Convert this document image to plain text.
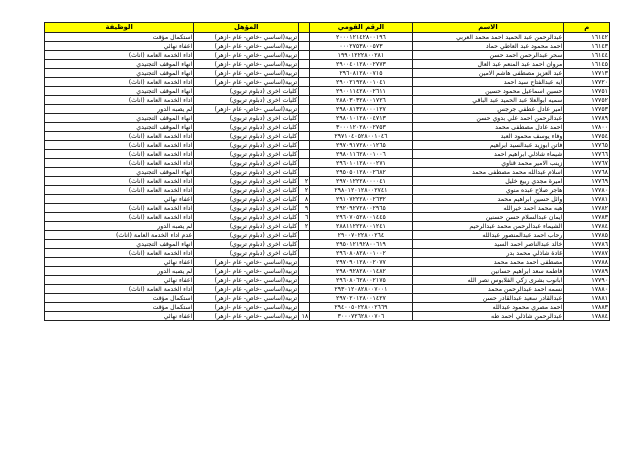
م	الاسم	الرقم القومي		المؤهل	الوظيفة
١٦١٤٢	عبدالرحمن عبد الحميد احمد محمد العربي	٢٠٠٠١٢١٤٢٨٠٠١٩٦		تربية(اساسي -خاص- عام -ازهر)	استكمال مؤقت
١٦١٤٣	احمد محمود عبد العاطي حماد	٠٠٠٢٧٥٣٨٠٠٥٧٣		تربية(اساسي -خاص- عام -ازهر)	اعفاء نهائي
١٦١٤٤	سحر عبدالرحمن احمد حسن	١٩٩٠١٢٢٢٨٠٠٢٨١		تربية(اساسي -خاص- عام -ازهر)	اداء الخدمة العامة (اناث)
١٦١٤٥	مروان احمد عبد المنعم عبد العال	٢٩٠٠٤٠١٢٨٠٠٢٧٧٣		تربية(اساسي -خاص- عام -ازهر)	انهاء الموقف التجنيدي
١٧٧١٣	عبد العزيز مصطفى هاشم الامين	٢٩٦٠٨١٢٨٠٠٧١٥		تربية(اساسي -خاص- عام -ازهر)	انهاء الموقف التجنيدي
١٧٧٢٠	ايه عبدالفتاح سيد احمد	٢٩٠٠٢١٩٢٨٠٠١٠٤١		تربية(اساسي -خاص- عام -ازهر)	اداء الخدمة العامة (اناث)
١٧٧٥١	حسين اسماعيل محمود حسين	٢٩٠٠١١٤٢٨٠٠٢٦١١		كليات اخرى (دبلوم تربوي)	انهاء الموقف التجنيدي
١٧٧٥٢	سميه ابوالعلا عبد الحميد عبد الباقي	٢٨٨٠٣٠٣٢٨٠٠١٧٢٦		كليات اخرى (دبلوم تربوي)	اداء الخدمة العامة (اناث)
١٧٧٥٣	امير عادل عطفي جرجس	٢٩٨٠٨١٣٢٨٠٠٠١٢٧		تربية(اساسي -خاص- عام -ازهر)	لم يصبه الدور
١٧٧٨٩	عبدالرحمن احمد علي بدوي حسن	٢٩٨٠١٠١٢٨٠٠٤٧١٣		كليات اخرى (دبلوم تربوي)	انهاء الموقف التجنيدي
١٧٨٠٠	احمد عادل مصطفى محمد	٣٠٠٠١٢٠٢٨٠٠٢٧٥٣		كليات اخرى (دبلوم تربوي)	انهاء الموقف التجنيدي
١٧٧٥٤	وفاء يوسف محمود العبد	٢٩٧١٠٤٠٥٢٨٠٠١٠٤٦		كليات اخرى (دبلوم تربوي)	اداء الخدمة العامة (اناث)
١٧٧٦٥	فاتن ابوزيد عبدالسيد ابراهيم	٢٩٧٠٩١٧٢٨٠٠١٢٦٥		كليات اخرى (دبلوم تربوي)	اداء الخدمة العامة (اناث)
١٧٧٦٦	شيماء شاذلي ابراهيم احمد	٢٩٨٠١١٦٢٨٠٠١٠٠٦		كليات اخرى (دبلوم تربوي)	اداء الخدمة العامة (اناث)
١٧٧٦٧	زينب الامير محمد قناوي	٢٩٦٠١٠١٢٨٠٠٠٢٧١		كليات اخرى (دبلوم تربوي)	اداء الخدمة العامة (اناث)
١٧٧٦٨	اسلام عبدالله محمد مصطفى محمد	٢٩٥٠٥٠١٢٨٠٠٢٦٨٢		كليات اخرى (دبلوم تربوي)	انهاء الموقف التجنيدي
١٧٧٦٩	اميرة مجدي ربيع خليل	٢٩٧٠١٢٢٢٨٠٠٠٠٤١	٢	كليات اخرى (دبلوم تربوي)	اداء الخدمة العامة (اناث)
١٧٧٨٠	هاجر صلاح عبده منوي	٢٩٨٠١٢٠١٢٨٠٠٢٧٤١	٢	كليات اخرى (دبلوم تربوي)	اداء الخدمة العامة (اناث)
١٧٧٨١	وائل حسين ابراهيم محمد	٢٩١٠٧٢٢٢٨٠٠٢٦٣٢	٨	كليات اخرى (دبلوم تربوي)	اعفاء نهائي
١٧٧٨٢	هبه محمد احمد خيرالله	٢٩٢٠٩٢٧٢٨٠٠٢٩٦٥	٩	كليات اخرى (دبلوم تربوي)	اداء الخدمة العامة (اناث)
١٧٧٨٣	ايمان عبدالسلام حسن حسنين	٢٩٦٠٧٠٥٢٨٠٠١٤٤٥	٦	كليات اخرى (دبلوم تربوي)	اداء الخدمة العامة (اناث)
١٧٧٨٤	الشيماء عبدالرحمن محمد عبدالرحيم	٢٨٨١١٢٢٢٨٠٠١٢٤١	٢	كليات اخرى (دبلوم تربوي)	لم يصبه الدور
١٧٧٨٥	رحاب احمد عبدالمنصور عبدالله	٢٩٠٠٧٠٢٢٨٠٠٢٦٤		كليات اخرى (دبلوم تربوي)	عدم اداء الخدمة العامة (اناث)
١٧٧٨٦	خالد عبدالناصر احمد السيد	٢٩٥٠١٢١٩٢٨٠٠٦١٩		كليات اخرى (دبلوم تربوي)	انهاء الموقف التجنيدي
١٧٧٨٧	غادة شاذلي محمد بدر	٢٩٦٠٨٠٨٢٨٠٠١٠٠٢		كليات اخرى (دبلوم تربوي)	اداء الخدمة العامة (اناث)
١٧٧٨٨	مصطفى احمد محمد محمد	٢٩٧٠٩٠١٢٨٠٠٢٠٧٧		تربية(اساسي -خاص- عام -ازهر)	اعفاء نهائي
١٧٧٨٩	فاطمة سعد ابراهيم حسانين	٢٩٨٠٩٢٨٢٨٠٠١٤٨٢		تربية(اساسي -خاص- عام -ازهر)	لم يصبه الدور
١٧٧٩٠	ابانوب بشرى زكي الفلابوس نصر الله	٢٩٦٠٨٠٦٢٨٠٠٢١٧٥		تربية(اساسي -خاص- عام -ازهر)	اعفاء نهائي
١٧٨٨٠	نسمه احمد عبدالرحمن محمد	٢٩٣٠١٢٠٨٢٨٠٠٧٠٠١		تربية(اساسي -خاص- عام -ازهر)	اداء الخدمة العامة (اناث)
١٧٨٨١	عبدالقادر سعيد عبدالقادر حسن	٢٩٧٠٢٠١٢٨٠٠١٤٢٧		تربية(اساسي -خاص- عام -ازهر)	استكمال مؤقت
١٧٨٨٣	احمد مصري محمود عبدالله	٢٩٤٠٠٥٠٢٢٨٠٠٢٦٦٩		تربية(اساسي -خاص- عام -ازهر)	استكمال مؤقت
١٧٨٨٤	عبدالرحمن شاذلي احمد طه	٣٠٠٠٧٢٦٢٨٠٠٧٠٦	١٨	تربية(اساسي -خاص- عام -ازهر)	اعفاء نهائي
